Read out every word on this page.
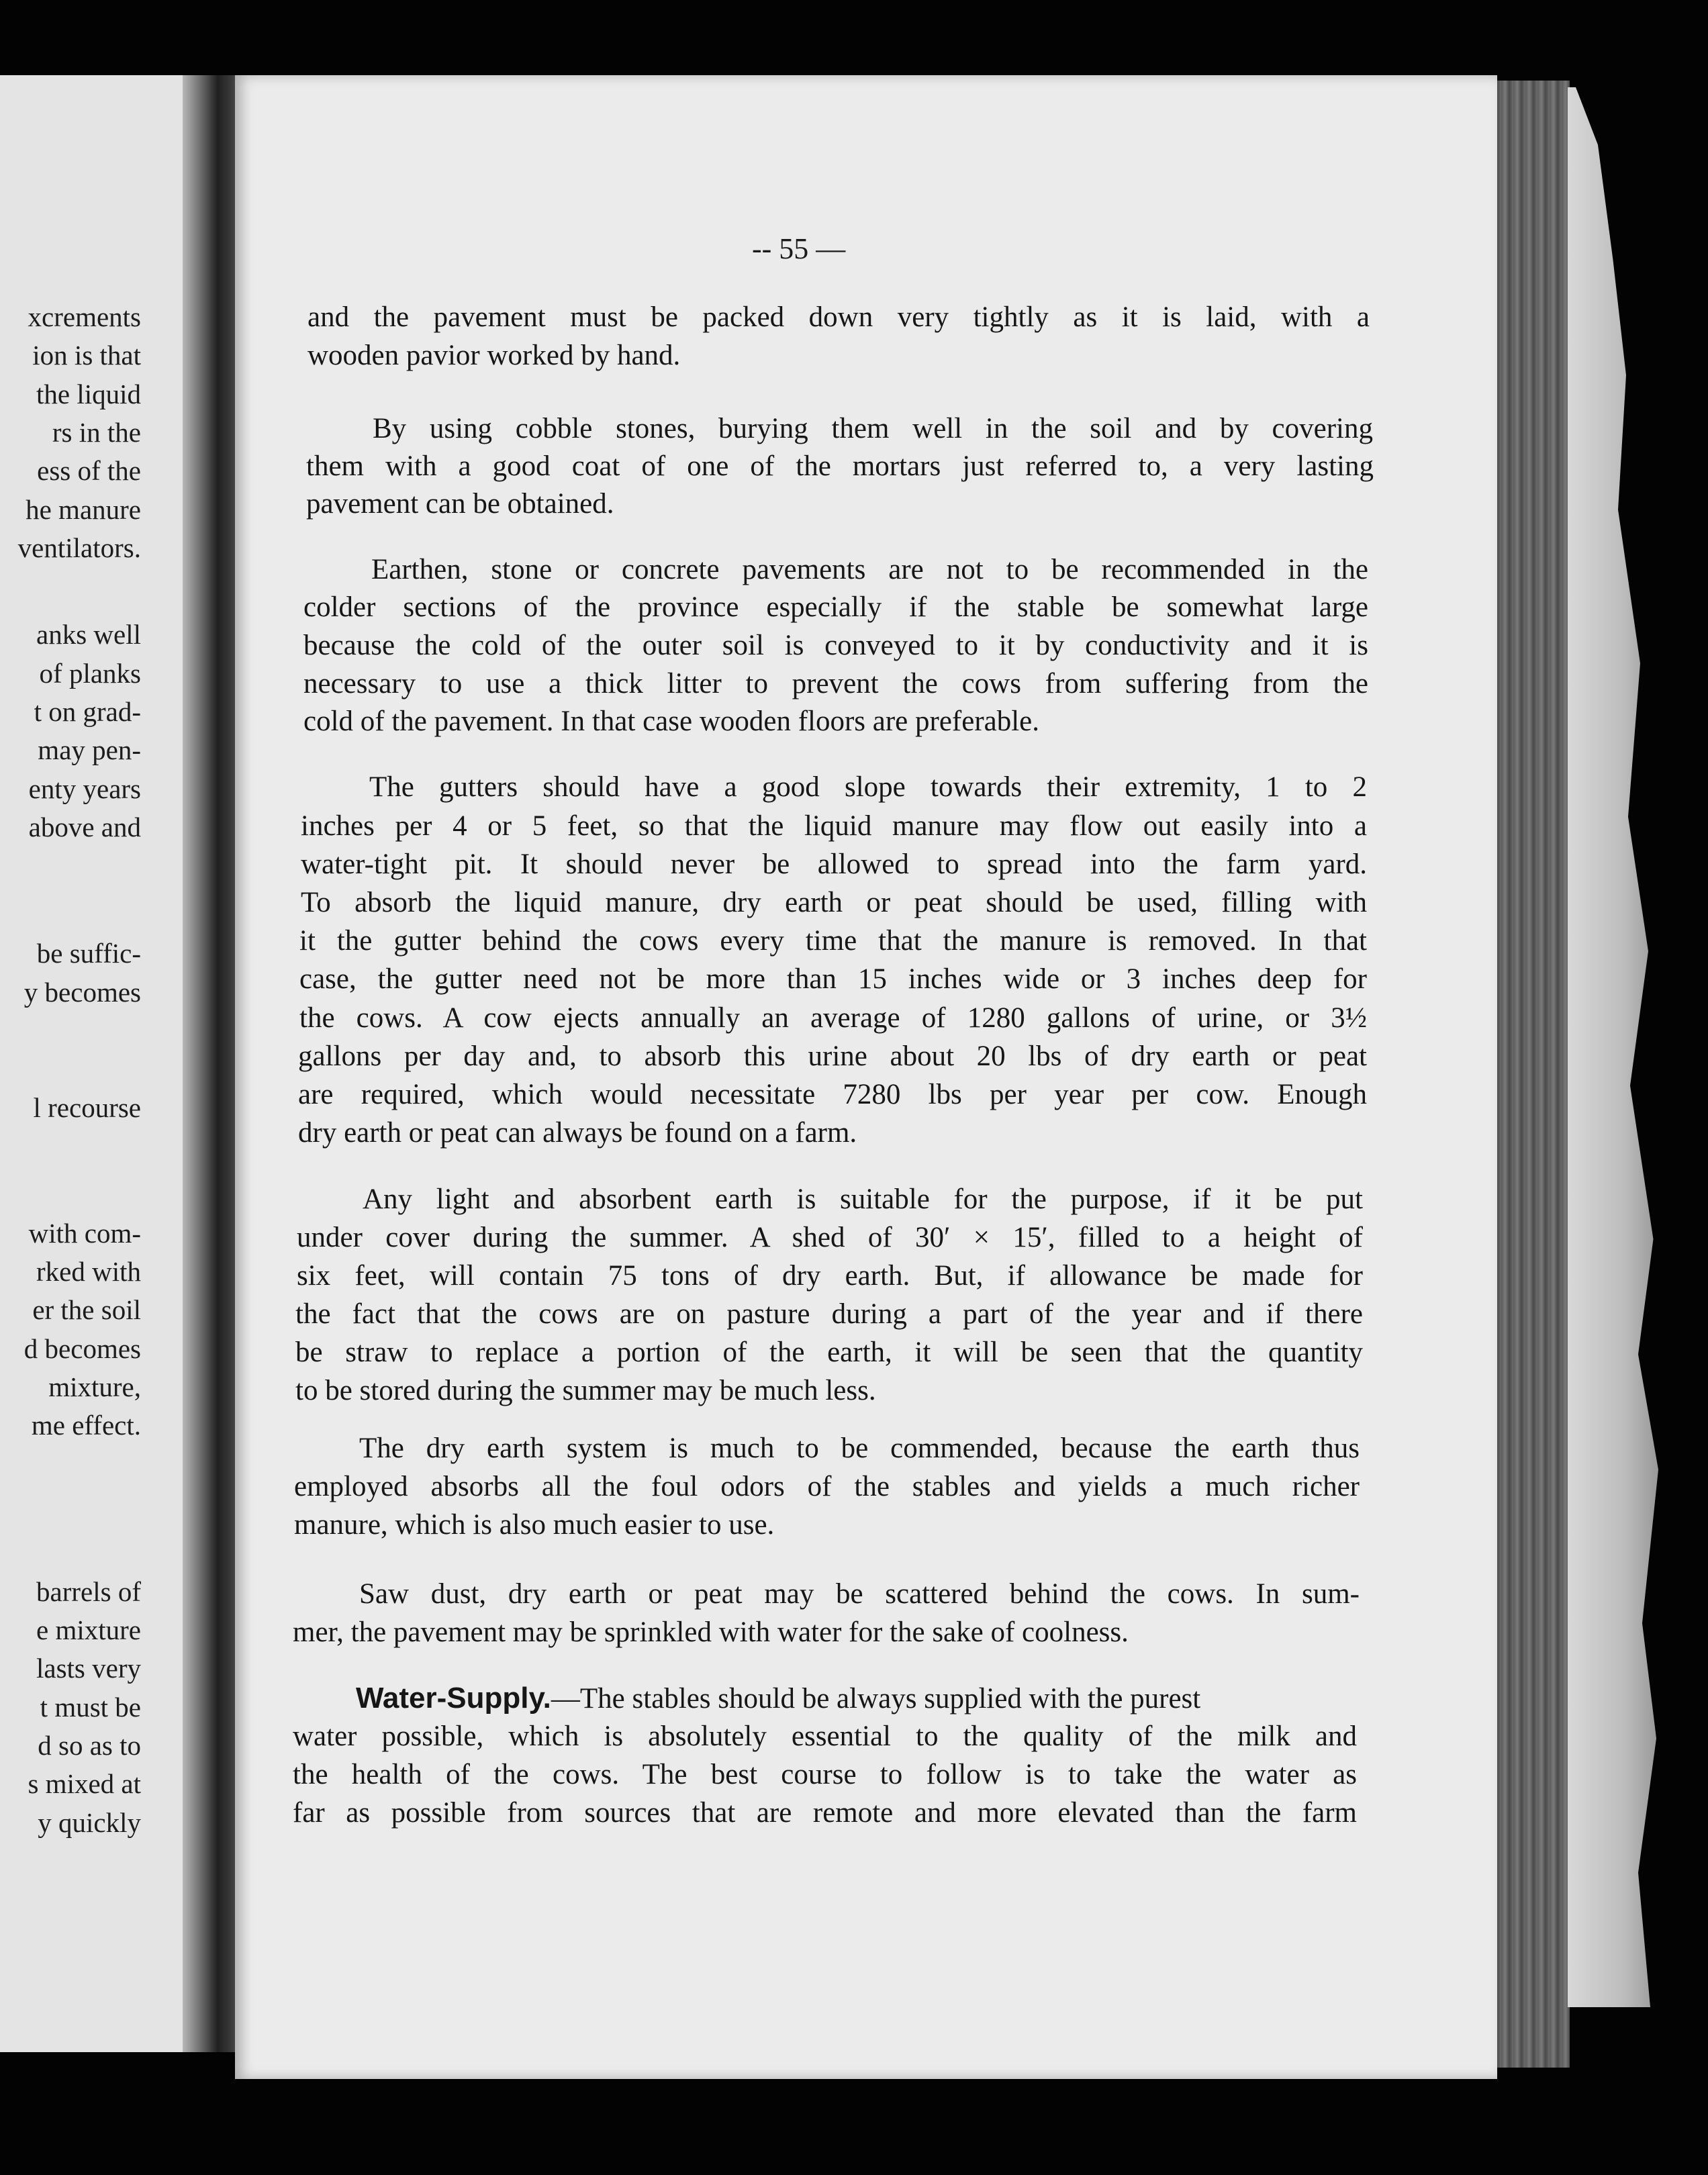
xcrements

ion is that

the liquid

rs in the

ess of the

he manure

ventilators.

anks well

of planks

t on grad-

may pen-

enty years

above and

be suffic-

y becomes

l recourse

with com-

rked with

er the soil

d becomes

mixture,

me effect.

barrels of

e mixture

lasts very

t must be

d so as to

s mixed at

y quickly

-- 55 —

and the pavement must be packed down very tightly as it is laid, with a

wooden pavior worked by hand.

By using cobble stones, burying them well in the soil and by covering

them with a good coat of one of the mortars just referred to, a very lasting

pavement can be obtained.

Earthen, stone or concrete pavements are not to be recommended in the

colder sections of the province especially if the stable be somewhat large

because the cold of the outer soil is conveyed to it by conductivity and it is

necessary to use a thick litter to prevent the cows from suffering from the

cold of the pavement. In that case wooden floors are preferable.

The gutters should have a good slope towards their extremity, 1 to 2

inches per 4 or 5 feet, so that the liquid manure may flow out easily into a

water-tight pit. It should never be allowed to spread into the farm yard.

To absorb the liquid manure, dry earth or peat should be used, filling with

it the gutter behind the cows every time that the manure is removed. In that

case, the gutter need not be more than 15 inches wide or 3 inches deep for

the cows. A cow ejects annually an average of 1280 gallons of urine, or 3½

gallons per day and, to absorb this urine about 20 lbs of dry earth or peat

are required, which would necessitate 7280 lbs per year per cow. Enough

dry earth or peat can always be found on a farm.

Any light and absorbent earth is suitable for the purpose, if it be put

under cover during the summer. A shed of 30′ × 15′, filled to a height of

six feet, will contain 75 tons of dry earth. But, if allowance be made for

the fact that the cows are on pasture during a part of the year and if there

be straw to replace a portion of the earth, it will be seen that the quantity

to be stored during the summer may be much less.

The dry earth system is much to be commended, because the earth thus

employed absorbs all the foul odors of the stables and yields a much richer

manure, which is also much easier to use.

Saw dust, dry earth or peat may be scattered behind the cows. In sum-

mer, the pavement may be sprinkled with water for the sake of coolness.

Water-Supply.—The stables should be always supplied with the purest

water possible, which is absolutely essential to the quality of the milk and

the health of the cows. The best course to follow is to take the water as

far as possible from sources that are remote and more elevated than the farm
